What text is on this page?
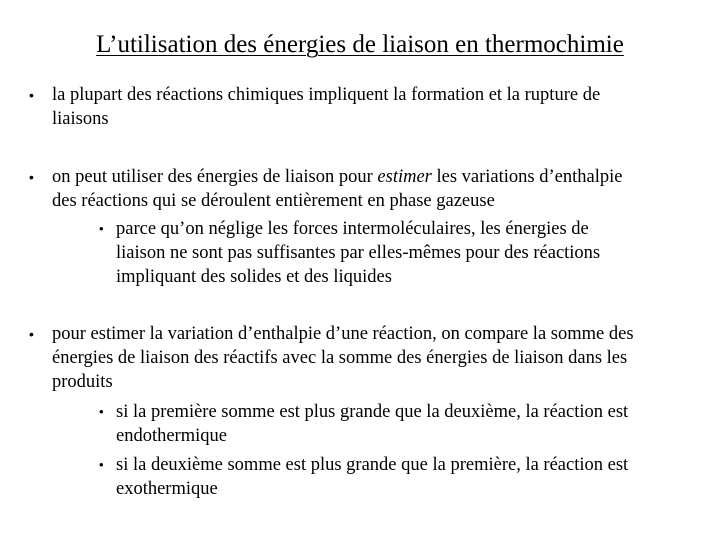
L’utilisation des énergies de liaison en thermochimie
• la plupart des réactions chimiques impliquent la formation et la rupture de
liaisons
• on peut utiliser des énergies de liaison pour estimer les variations d’enthalpie
des réactions qui se déroulent entièrement en phase gazeuse
• parce qu’on néglige les forces intermoléculaires, les énergies de
liaison ne sont pas suffisantes par elles-mêmes pour des réactions
impliquant des solides et des liquides
• pour estimer la variation d’enthalpie d’une réaction, on compare la somme des
énergies de liaison des réactifs avec la somme des énergies de liaison dans les
produits
• si la première somme est plus grande que la deuxième, la réaction est
endothermique
• si la deuxième somme est plus grande que la première, la réaction est
exothermique
